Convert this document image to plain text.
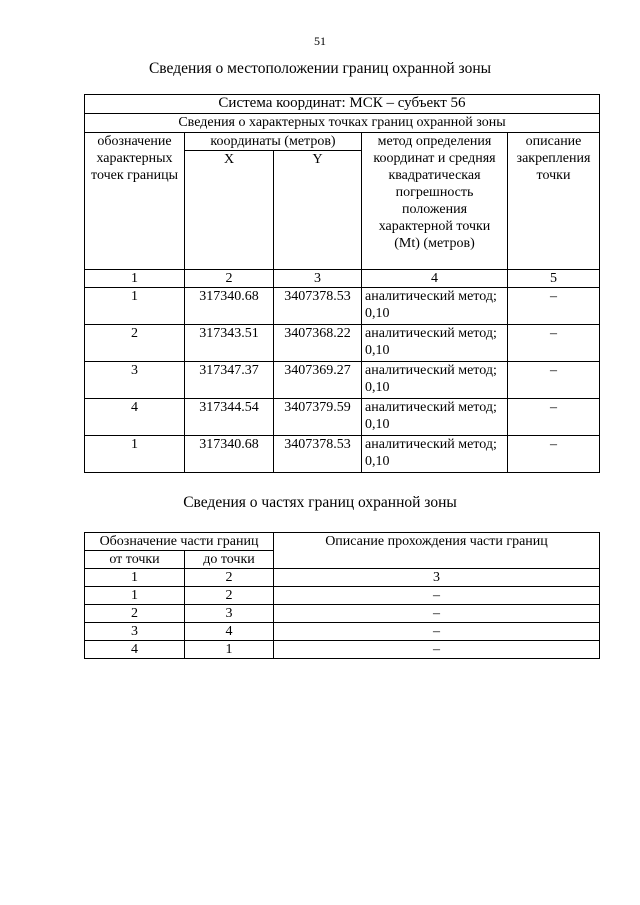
51
Сведения о местоположении границ охранной зоны
Система координат: МСК – субъект 56				
Сведения о характерных точках границ охранной зоны				
обозначение характерных точек границы	координаты (метров)		метод определения координат и средняя квадратическая погрешность положения характерной точки (Mt) (метров)	описание закрепления точки
	X	Y		
1	2	3	4	5
1	317340.68	3407378.53	аналитический метод; 0,10	–
2	317343.51	3407368.22	аналитический метод; 0,10	–
3	317347.37	3407369.27	аналитический метод; 0,10	–
4	317344.54	3407379.59	аналитический метод; 0,10	–
1	317340.68	3407378.53	аналитический метод; 0,10	–
Сведения о частях границ охранной зоны
Обозначение части границ		Описание прохождения части границ
от точки	до точки	
1	2	3
1	2	–
2	3	–
3	4	–
4	1	–
